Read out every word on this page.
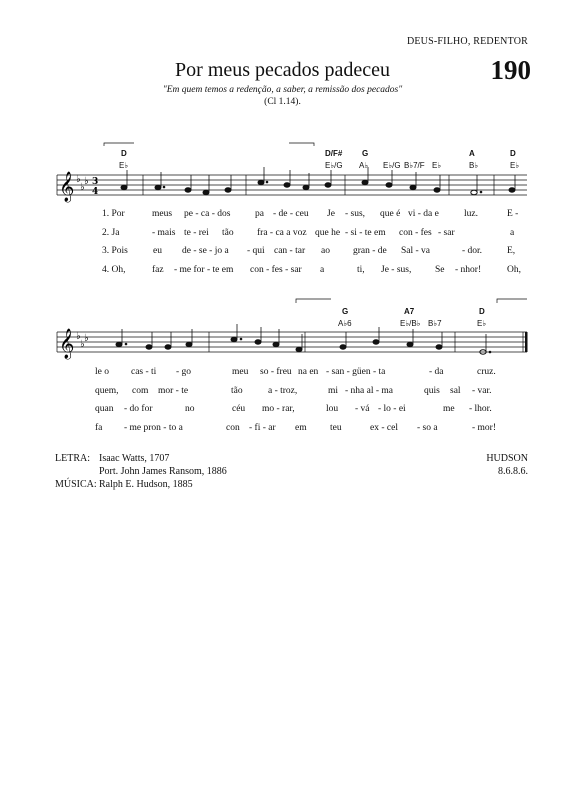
DEUS-FILHO, REDENTOR
Por meus pecados padeceu	190
"Em quem temos a redenção, a saber, a remissão dos pecados"
(Cl 1.14).
𝄞 ♭
♭
♭ 3
4
𝄞 ♭
♭
♭
D	D/F# G	A	D
E♭	E♭/G A♭ E♭/G B♭7/F E♭	B♭	E♭
1. Por	meus pe - ca - dos	pa - de - ceu Je - sus, que é vi - da e	luz.	E -
2. Ja	- mais te - rei tão fra - ca a voz que he - si - te em con - fes - sar	a
3. Pois	eu de - se - jo a - qui can - tar ao gran - de Sal - va	- dor.	E,
4. Oh,	faz - me for - te em con - fes - sar a	ti, Je - sus, Se - nhor!	Oh,
G	A7	D
A♭6	E♭/B♭ B♭7	E♭
le o cas - ti - go	meu so - freu na en - san - güen - ta	- da	cruz.
quem, com mor - te	tão	a - troz,	mi - nha al - ma	quis sal - var.
quan - do for	no	céu mo - rar,	lou - vá - lo - ei	me - lhor.
fa - me pron - to a	con - fi - ar em teu	ex - cel - so a	- mor!
LETRA: Isaac Watts, 1707
Port. John James Ransom, 1886
MÚSICA: Ralph E. Hudson, 1885
HUDSON
8.6.8.6.
